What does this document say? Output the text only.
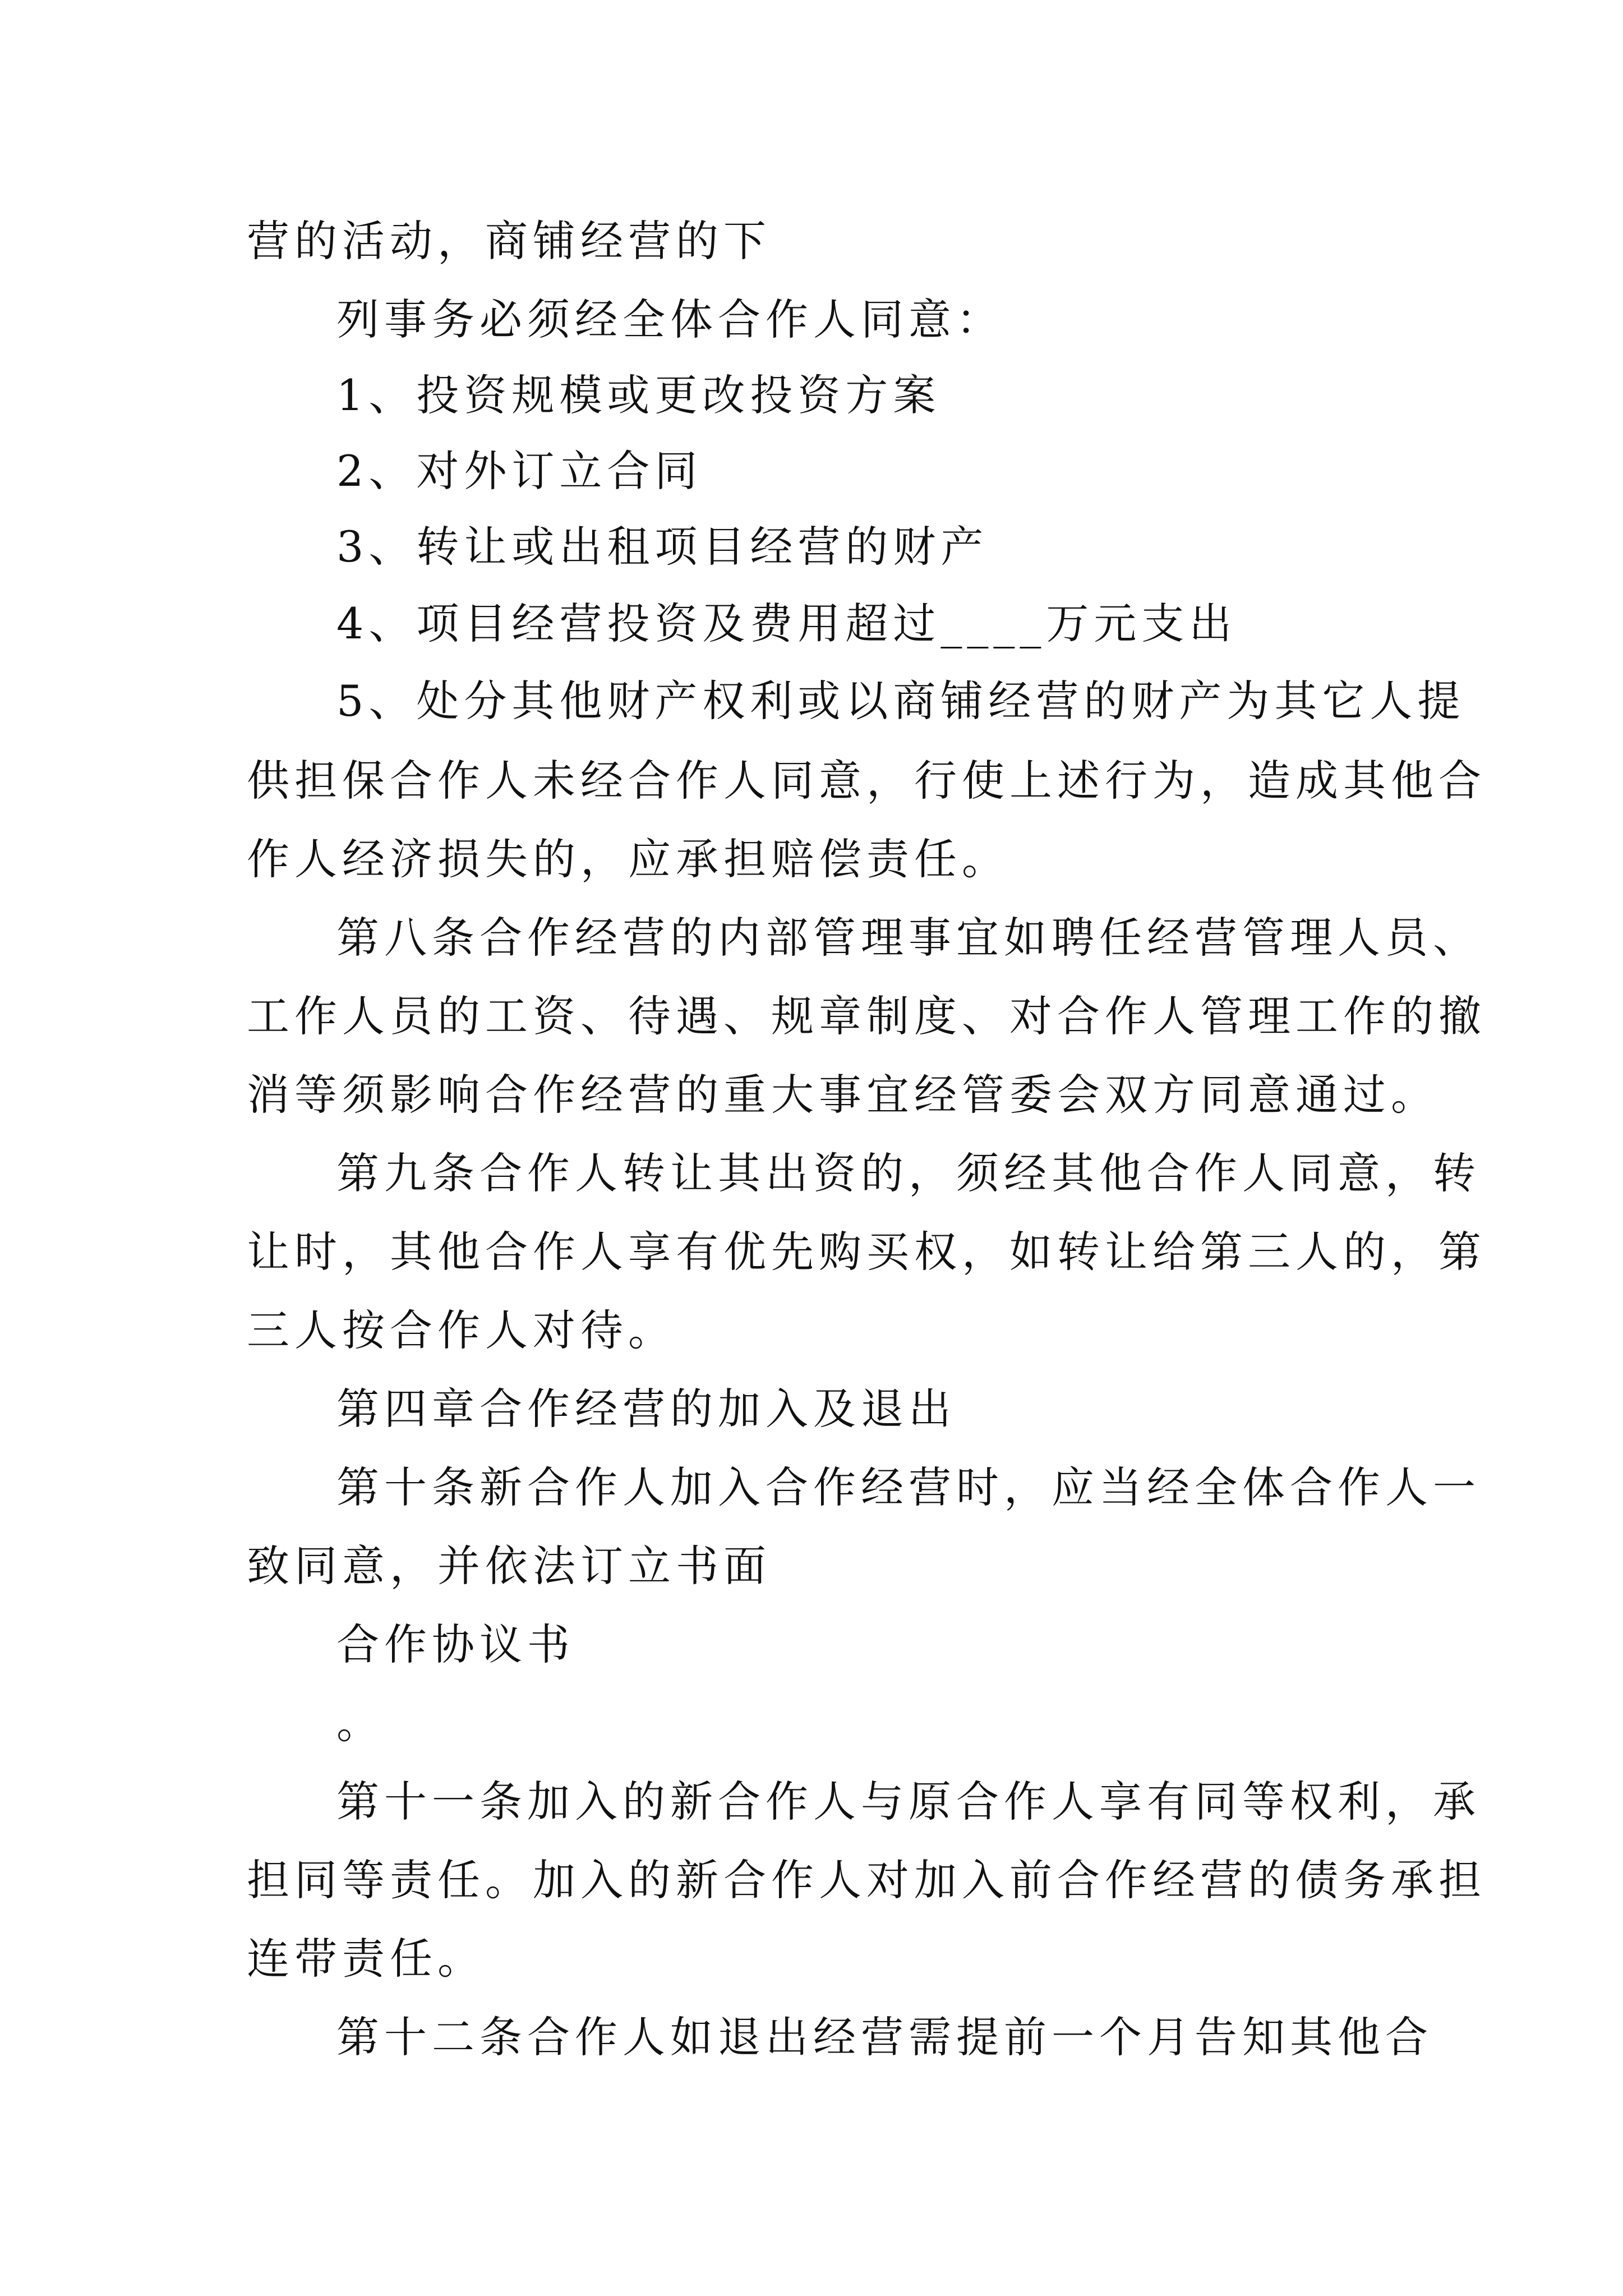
营的活动，商铺经营的下
列事务必须经全体合作人同意：
1、投资规模或更改投资方案
2、对外订立合同
3、转让或出租项目经营的财产
4、项目经营投资及费用超过____万元支出
5、处分其他财产权利或以商铺经营的财产为其它人提
供担保合作人未经合作人同意，行使上述行为，造成其他合
作人经济损失的，应承担赔偿责任。
第八条合作经营的内部管理事宜如聘任经营管理人员、
工作人员的工资、待遇、规章制度、对合作人管理工作的撤
消等须影响合作经营的重大事宜经管委会双方同意通过。
第九条合作人转让其出资的，须经其他合作人同意，转
让时，其他合作人享有优先购买权，如转让给第三人的，第
三人按合作人对待。
第四章合作经营的加入及退出
第十条新合作人加入合作经营时，应当经全体合作人一
致同意，并依法订立书面
合作协议书
。
第十一条加入的新合作人与原合作人享有同等权利，承
担同等责任。加入的新合作人对加入前合作经营的债务承担
连带责任。
第十二条合作人如退出经营需提前一个月告知其他合
